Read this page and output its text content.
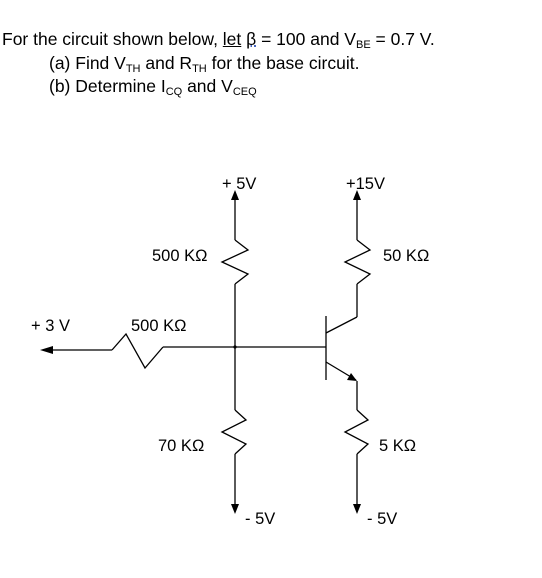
For the circuit shown below, let β = 100 and $V_{BE} = 0.7$ V.
(a) Find $V_{TH}$ and $R_{TH}$ for the base circuit.
(b) Determine $I_{CQ}$ and $V_{CEQ}$
+ 5V	+15V
500 KΩ	50 KΩ
+ 3 V	500 KΩ
70 KΩ	5 KΩ
- 5V	- 5V
